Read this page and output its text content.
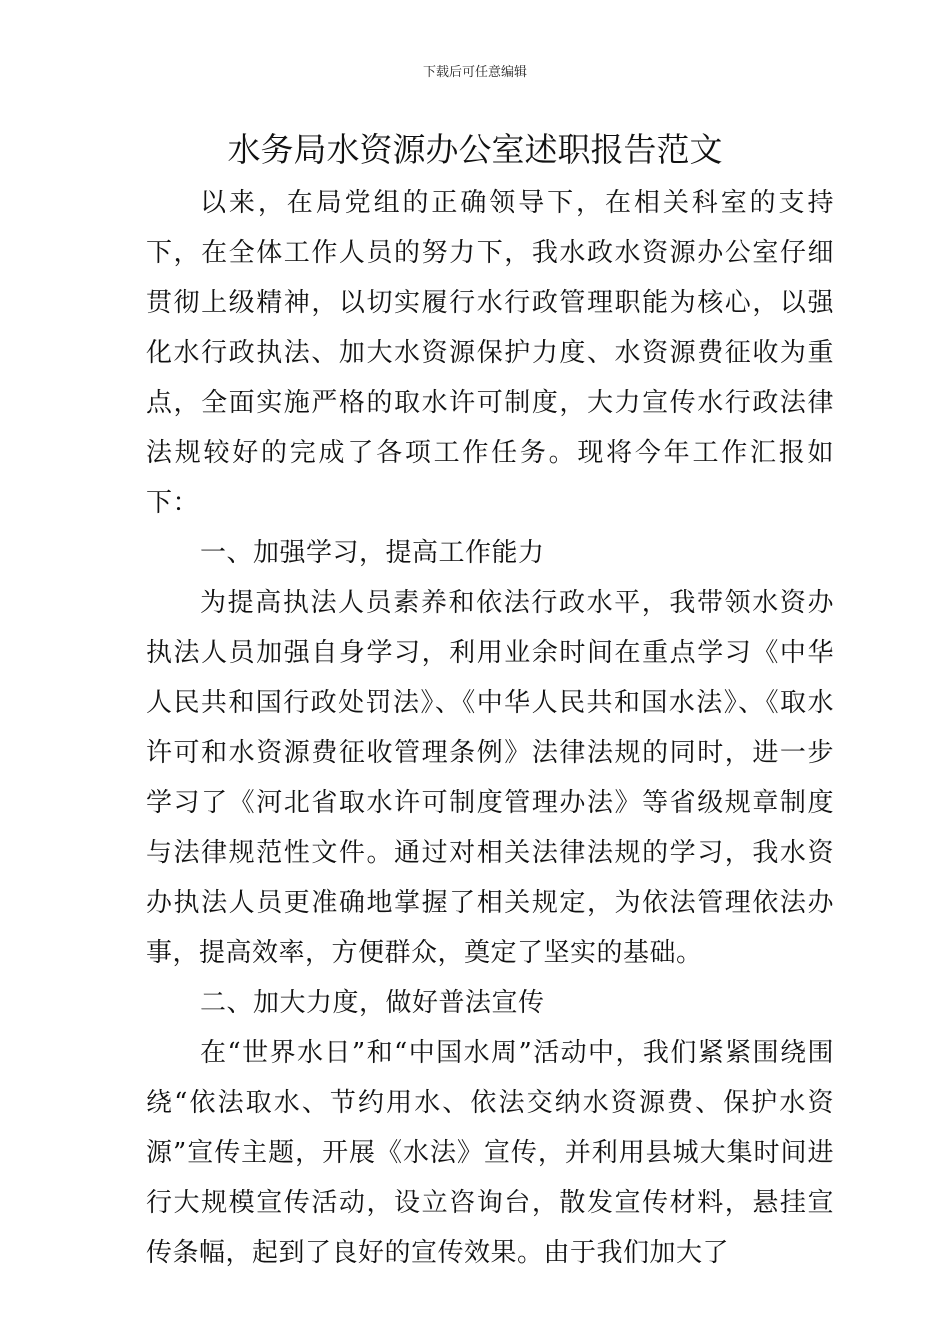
下载后可任意编辑
水务局水资源办公室述职报告范文

以来，在局党组的正确领导下，在相关科室的支持下，在全体工作人员的努力下，我水政水资源办公室仔细贯彻上级精神，以切实履行水行政管理职能为核心，以强化水行政执法、加大水资源保护力度、水资源费征收为重点，全面实施严格的取水许可制度，大力宣传水行政法律法规较好的完成了各项工作任务。现将今年工作汇报如下：

一、加强学习，提高工作能力

为提高执法人员素养和依法行政水平，我带领水资办执法人员加强自身学习，利用业余时间在重点学习《中华人民共和国行政处罚法》、《中华人民共和国水法》、《取水许可和水资源费征收管理条例》法律法规的同时，进一步学习了《河北省取水许可制度管理办法》等省级规章制度与法律规范性文件。通过对相关法律法规的学习，我水资办执法人员更准确地掌握了相关规定，为依法管理依法办事，提高效率，方便群众，奠定了坚实的基础。

二、加大力度，做好普法宣传

在“世界水日”和“中国水周”活动中，我们紧紧围绕围绕“依法取水、节约用水、依法交纳水资源费、保护水资源”宣传主题，开展《水法》宣传，并利用县城大集时间进行大规模宣传活动，设立咨询台，散发宣传材料，悬挂宣传条幅，起到了良好的宣传效果。由于我们加大了
